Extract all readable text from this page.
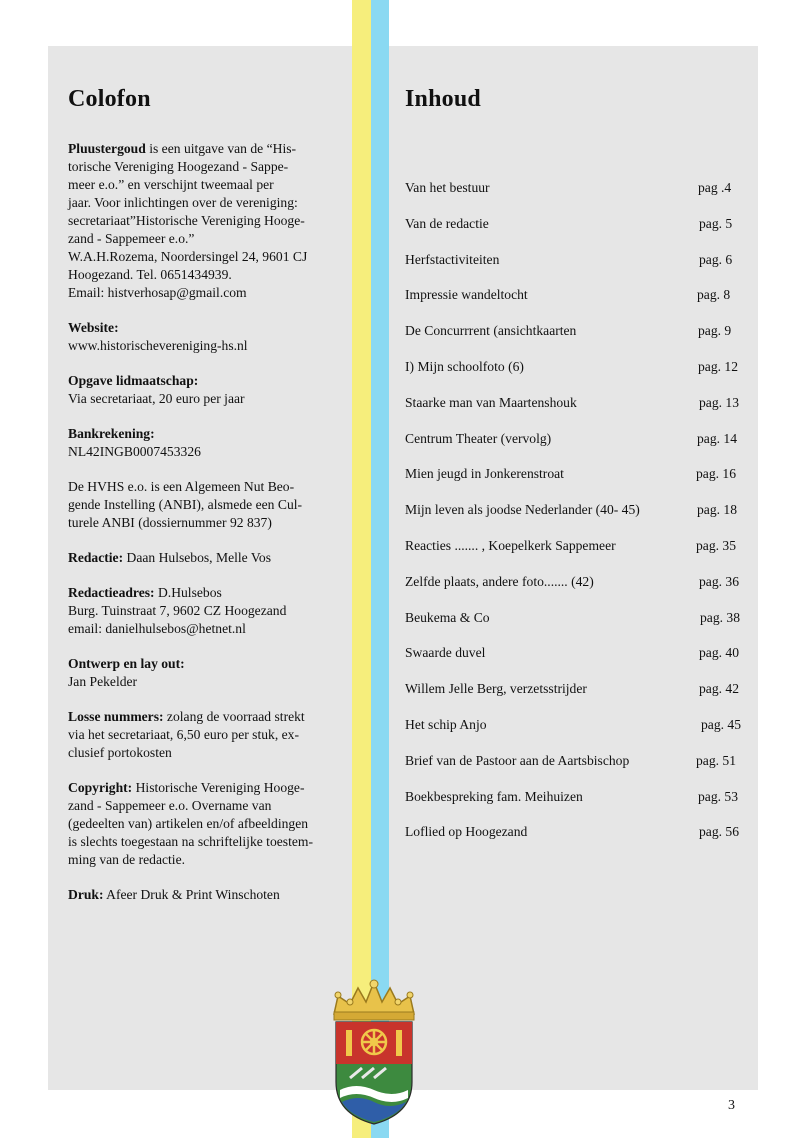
Colofon	Inhoud
Pluustergoud is een uitgave van de “His-
torische Vereniging Hoogezand - Sappe-
meer e.o.” en verschijnt tweemaal per
jaar. Voor inlichtingen over de vereniging:
secretariaat”Historische Vereniging Hooge-
zand - Sappemeer e.o.”
W.A.H.Rozema, Noordersingel 24, 9601 CJ
Hoogezand. Tel. 0651434939.
Email: histverhosap@gmail.com
Website:
www.historischevereniging-hs.nl
Opgave lidmaatschap:
Via secretariaat, 20 euro per jaar
Bankrekening:
NL42INGB0007453326
De HVHS e.o. is een Algemeen Nut Beo-
gende Instelling (ANBI), alsmede een Cul-
turele ANBI (dossiernummer 92 837)
Redactie: Daan Hulsebos, Melle Vos
Redactieadres: D.Hulsebos
Burg. Tuinstraat 7, 9602 CZ Hoogezand
email: danielhulsebos@hetnet.nl
Ontwerp en lay out:
Jan Pekelder
Losse nummers: zolang de voorraad strekt
via het secretariaat, 6,50 euro per stuk, ex-
clusief portokosten
Copyright: Historische Vereniging Hooge-
zand - Sappemeer e.o. Overname van
(gedeelten van) artikelen en/of afbeeldingen
is slechts toegestaan na schriftelijke toestem-
ming van de redactie.
Druk: Afeer Druk & Print Winschoten
Van het bestuur	pag .4
Van de redactie	pag. 5
Herfstactiviteiten	pag. 6
Impressie wandeltocht	pag. 8
De Concurrrent (ansichtkaarten	pag. 9
I) Mijn schoolfoto (6)	pag. 12
Staarke man van Maartenshouk	pag. 13
Centrum Theater (vervolg)	pag. 14
Mien jeugd in Jonkerenstroat	pag. 16
Mijn leven als joodse Nederlander (40- 45)	pag. 18
Reacties ....... , Koepelkerk Sappemeer	pag. 35
Zelfde plaats, andere foto....... (42)	pag. 36
Beukema & Co	pag. 38
Swaarde duvel	pag. 40
Willem Jelle Berg, verzetsstrijder	pag. 42
Het schip Anjo	pag. 45
Brief van de Pastoor aan de Aartsbischop	pag. 51
Boekbespreking fam. Meihuizen	pag. 53
Loflied op Hoogezand	pag. 56
3
